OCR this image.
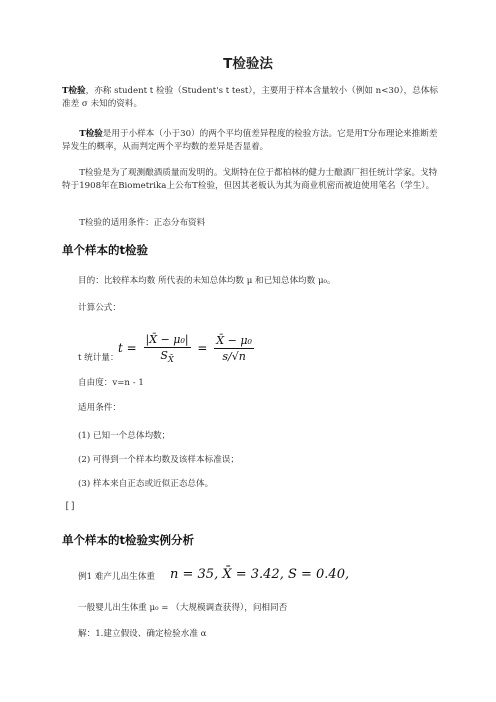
T检验法
T检验，亦称 student t 检验（Student's t test），主要用于样本含量较小（例如 n<30），总体标准差 σ 未知的资料。
T检验是用于小样本（小于30）的两个平均值差异程度的检验方法。它是用T分布理论来推断差异发生的概率，从而判定两个平均数的差异是否显着。
T检验是为了观测酿酒质量而发明的。戈斯特在位于都柏林的健力士酿酒厂担任统计学家。戈特特于1908年在Biometrika上公布T检验，但因其老板认为其为商业机密而被迫使用笔名（学生）。
T检验的适用条件：正态分布资料
单个样本的t检验
目的：比较样本均数 所代表的未知总体均数 μ 和已知总体均数 μ₀。
计算公式：
t 统计量：
$t = \frac{\text{|X̄ − μ₀|}}{S_{X̄}} = \frac{\text{X̄ − μ₀}}{s/√n}$
自由度：v=n - 1
适用条件：
(1) 已知一个总体均数；
(2) 可得到一个样本均数及该样本标准误；
(3) 样本来自正态或近似正态总体。
[]
单个样本的t检验实例分析
例1 难产儿出生体重 n = 35, X̄ = 3.42, S = 0.40,
一般婴儿出生体重 μ₀ = （大规模调查获得），问相同否
解：1.建立假设、确定检验水准 α
